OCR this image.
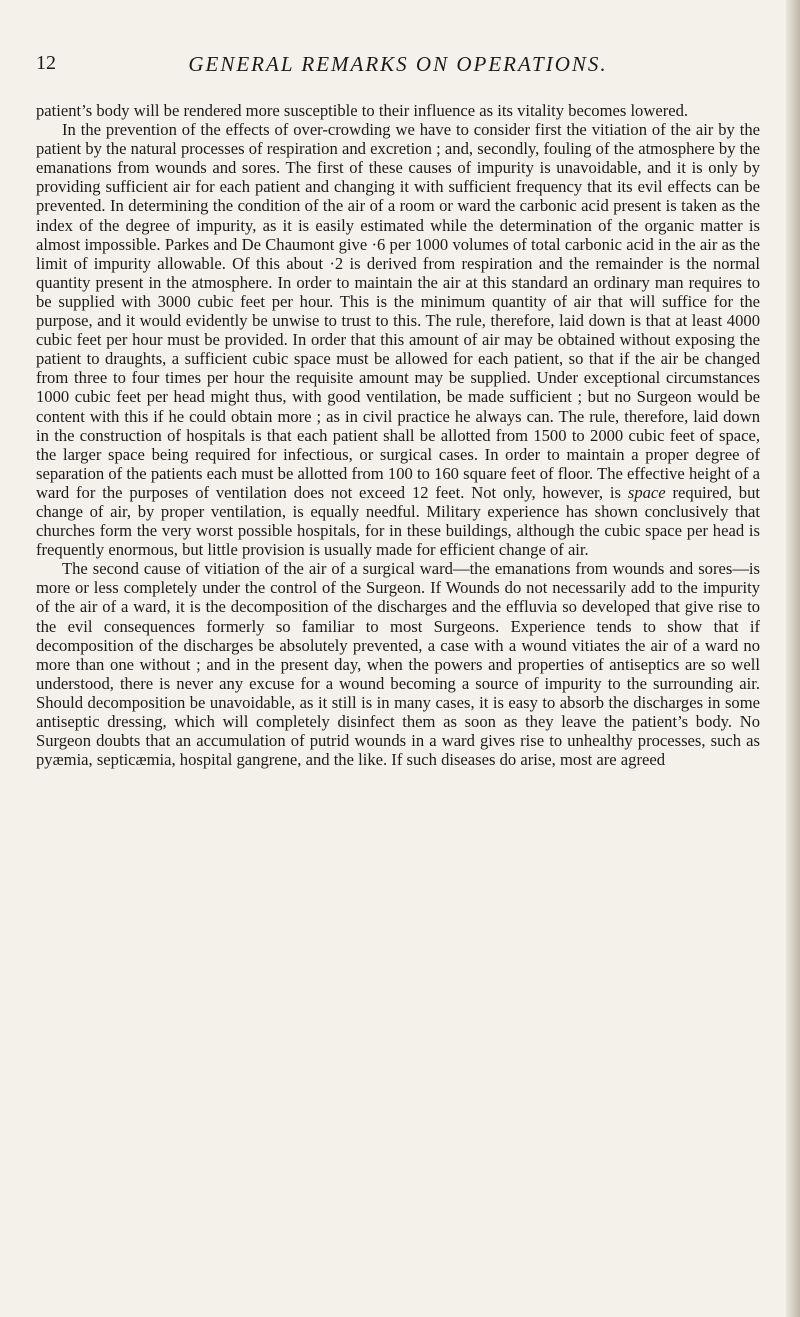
12	GENERAL REMARKS ON OPERATIONS.

patient’s body will be rendered more susceptible to their influence as its vitality becomes lowered.

In the prevention of the effects of over-crowding we have to consider first the vitiation of the air by the patient by the natural processes of respiration and excretion ; and, secondly, fouling of the atmosphere by the emanations from wounds and sores. The first of these causes of impurity is unavoidable, and it is only by providing sufficient air for each patient and changing it with sufficient frequency that its evil effects can be prevented. In determining the condition of the air of a room or ward the carbonic acid present is taken as the index of the degree of impurity, as it is easily estimated while the determination of the organic matter is almost impossible. Parkes and De Chaumont give ·6 per 1000 volumes of total carbonic acid in the air as the limit of impurity allowable. Of this about ·2 is derived from respiration and the remainder is the normal quantity present in the atmosphere. In order to maintain the air at this standard an ordinary man requires to be supplied with 3000 cubic feet per hour. This is the minimum quantity of air that will suffice for the purpose, and it would evidently be unwise to trust to this. The rule, therefore, laid down is that at least 4000 cubic feet per hour must be provided. In order that this amount of air may be obtained without exposing the patient to draughts, a sufficient cubic space must be allowed for each patient, so that if the air be changed from three to four times per hour the requisite amount may be supplied. Under exceptional circumstances 1000 cubic feet per head might thus, with good ventilation, be made sufficient ; but no Surgeon would be content with this if he could obtain more ; as in civil practice he always can. The rule, therefore, laid down in the construction of hospitals is that each patient shall be allotted from 1500 to 2000 cubic feet of space, the larger space being required for infectious, or surgical cases. In order to maintain a proper degree of separation of the patients each must be allotted from 100 to 160 square feet of floor. The effective height of a ward for the purposes of ventilation does not exceed 12 feet. Not only, however, is space required, but change of air, by proper ventilation, is equally needful. Military experience has shown conclusively that churches form the very worst possible hospitals, for in these buildings, although the cubic space per head is frequently enormous, but little provision is usually made for efficient change of air.

The second cause of vitiation of the air of a surgical ward—the emanations from wounds and sores—is more or less completely under the control of the Surgeon. If Wounds do not necessarily add to the impurity of the air of a ward, it is the decomposition of the discharges and the effluvia so developed that give rise to the evil consequences formerly so familiar to most Surgeons. Experience tends to show that if decomposition of the discharges be absolutely prevented, a case with a wound vitiates the air of a ward no more than one without ; and in the present day, when the powers and properties of antiseptics are so well understood, there is never any excuse for a wound becoming a source of impurity to the surrounding air. Should decomposition be unavoidable, as it still is in many cases, it is easy to absorb the discharges in some antiseptic dressing, which will completely disinfect them as soon as they leave the patient’s body. No Surgeon doubts that an accumulation of putrid wounds in a ward gives rise to unhealthy processes, such as pyæmia, septicæmia, hospital gangrene, and the like. If such diseases do arise, most are agreed
